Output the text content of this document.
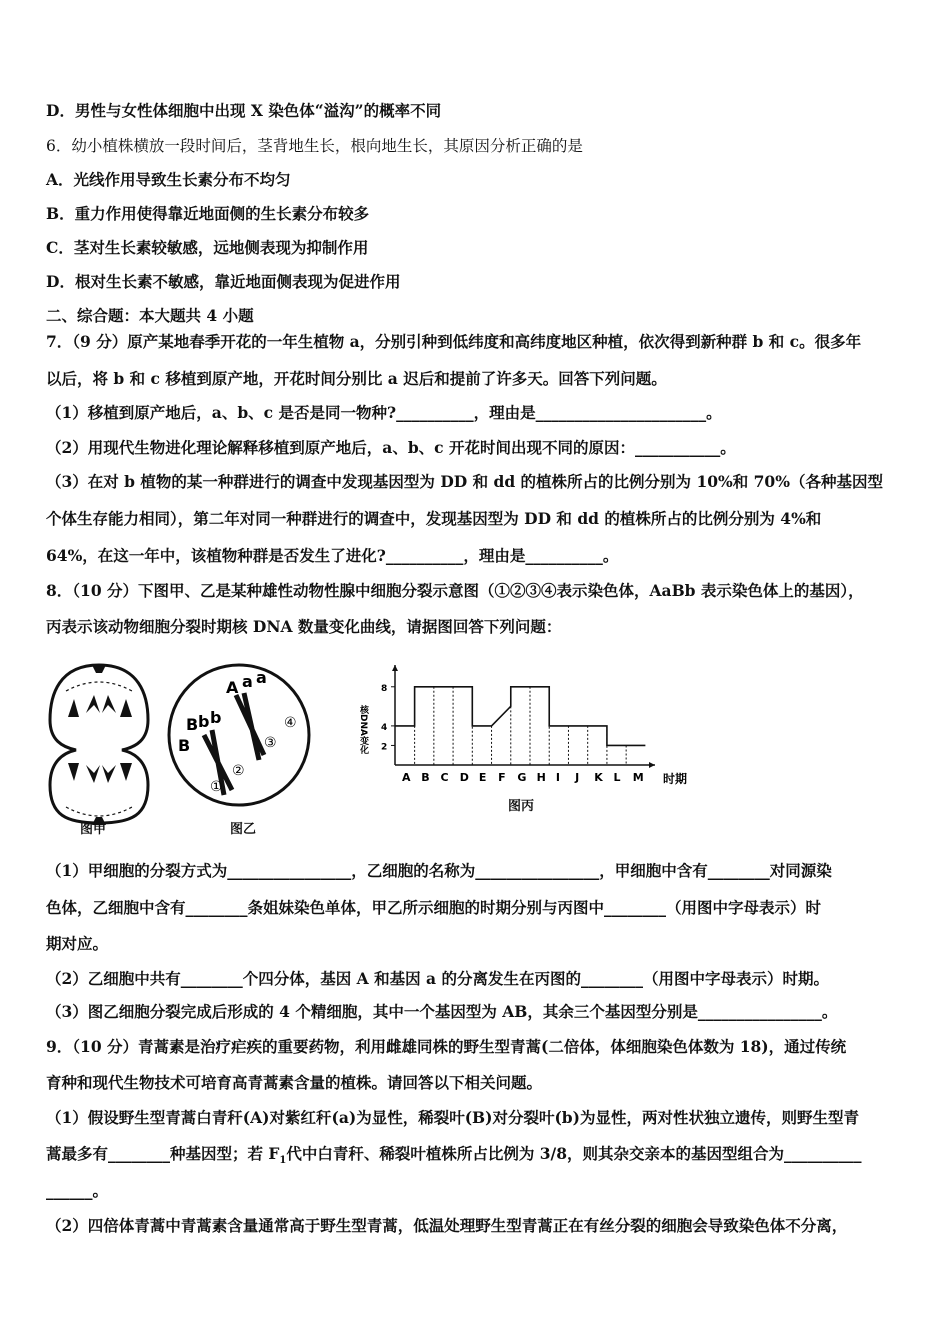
D．男性与女性体细胞中出现 X 染色体“溢沟”的概率不同
6．幼小植株横放一段时间后，茎背地生长，根向地生长，其原因分析正确的是
A．光线作用导致生长素分布不均匀
B．重力作用使得靠近地面侧的生长素分布较多
C．茎对生长素较敏感，远地侧表现为抑制作用
D．根对生长素不敏感，靠近地面侧表现为促进作用
二、综合题：本大题共 4 小题
7．（9 分）原产某地春季开花的一年生植物 a，分别引种到低纬度和高纬度地区种植，依次得到新种群 b 和 c。很多年
以后，将 b 和 c 移植到原产地，开花时间分别比 a 迟后和提前了许多天。回答下列问题。
（1）移植到原产地后，a、b、c 是否是同一物种?__________，理由是______________________。
（2）用现代生物进化理论解释移植到原产地后，a、b、c 开花时间出现不同的原因：___________。
（3）在对 b 植物的某一种群进行的调查中发现基因型为 DD 和 dd 的植株所占的比例分别为 10%和 70%（各种基因型
个体生存能力相同），第二年对同一种群进行的调查中，发现基因型为 DD 和 dd 的植株所占的比例分别为 4%和
64%，在这一年中，该植物种群是否发生了进化?__________，理由是__________。
8．（10 分）下图甲、乙是某种雄性动物性腺中细胞分裂示意图（①②③④表示染色体，AaBb 表示染色体上的基因），
丙表示该动物细胞分裂时期核 DNA 数量变化曲线，请据图回答下列问题：
图甲
A a a
B b b
B
①
②
③
④
图乙
2
4
8
A B C D E F G H I J K L M
核DNA变化
时期
图丙
（1）甲细胞的分裂方式为________________，乙细胞的名称为________________，甲细胞中含有________对同源染
色体，乙细胞中含有________条姐妹染色单体，甲乙所示细胞的时期分别与丙图中________（用图中字母表示）时
期对应。
（2）乙细胞中共有________个四分体，基因 A 和基因 a 的分离发生在丙图的________（用图中字母表示）时期。
（3）图乙细胞分裂完成后形成的 4 个精细胞，其中一个基因型为 AB，其余三个基因型分别是________________。
9．（10 分）青蒿素是治疗疟疾的重要药物，利用雌雄同株的野生型青蒿(二倍体，体细胞染色体数为 18)，通过传统
育种和现代生物技术可培育高青蒿素含量的植株。请回答以下相关问题。
（1）假设野生型青蒿白青秆(A)对紫红秆(a)为显性，稀裂叶(B)对分裂叶(b)为显性，两对性状独立遗传，则野生型青
蒿最多有________种基因型；若 $F_1$代中白青秆、稀裂叶植株所占比例为 3/8，则其杂交亲本的基因型组合为__________
______。
（2）四倍体青蒿中青蒿素含量通常高于野生型青蒿，低温处理野生型青蒿正在有丝分裂的细胞会导致染色体不分离，
